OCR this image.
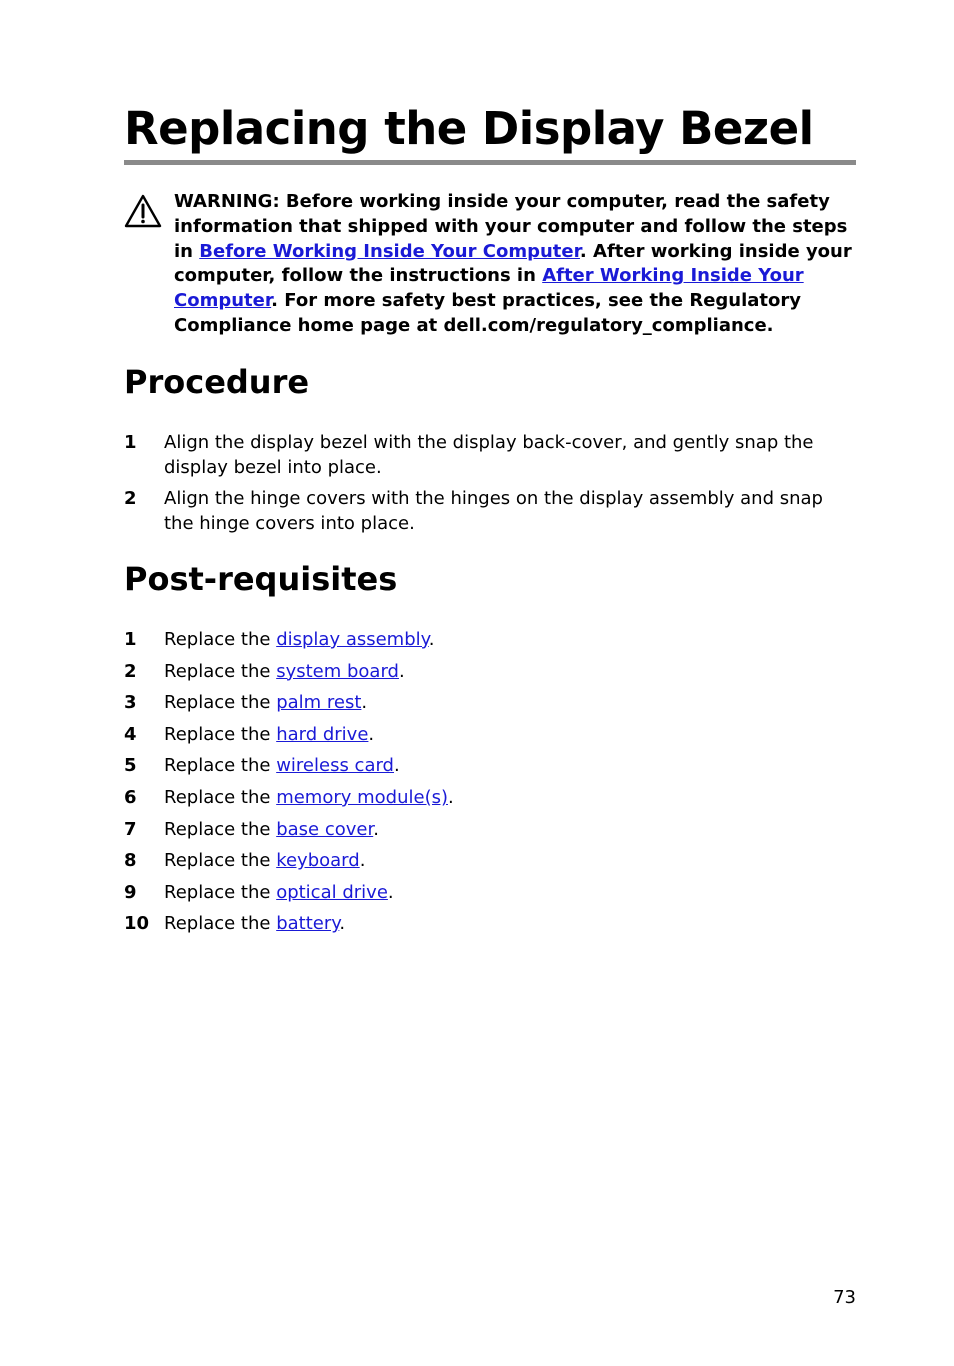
Replacing the Display Bezel
WARNING: Before working inside your computer, read the safety information that shipped with your computer and follow the steps in Before Working Inside Your Computer. After working inside your computer, follow the instructions in After Working Inside Your Computer. For more safety best practices, see the Regulatory Compliance home page at dell.com/regulatory_compliance.
Procedure
1 Align the display bezel with the display back-cover, and gently snap the display bezel into place.
2 Align the hinge covers with the hinges on the display assembly and snap the hinge covers into place.
Post-requisites
1 Replace the display assembly.
2 Replace the system board.
3 Replace the palm rest.
4 Replace the hard drive.
5 Replace the wireless card.
6 Replace the memory module(s).
7 Replace the base cover.
8 Replace the keyboard.
9 Replace the optical drive.
10 Replace the battery.
73
